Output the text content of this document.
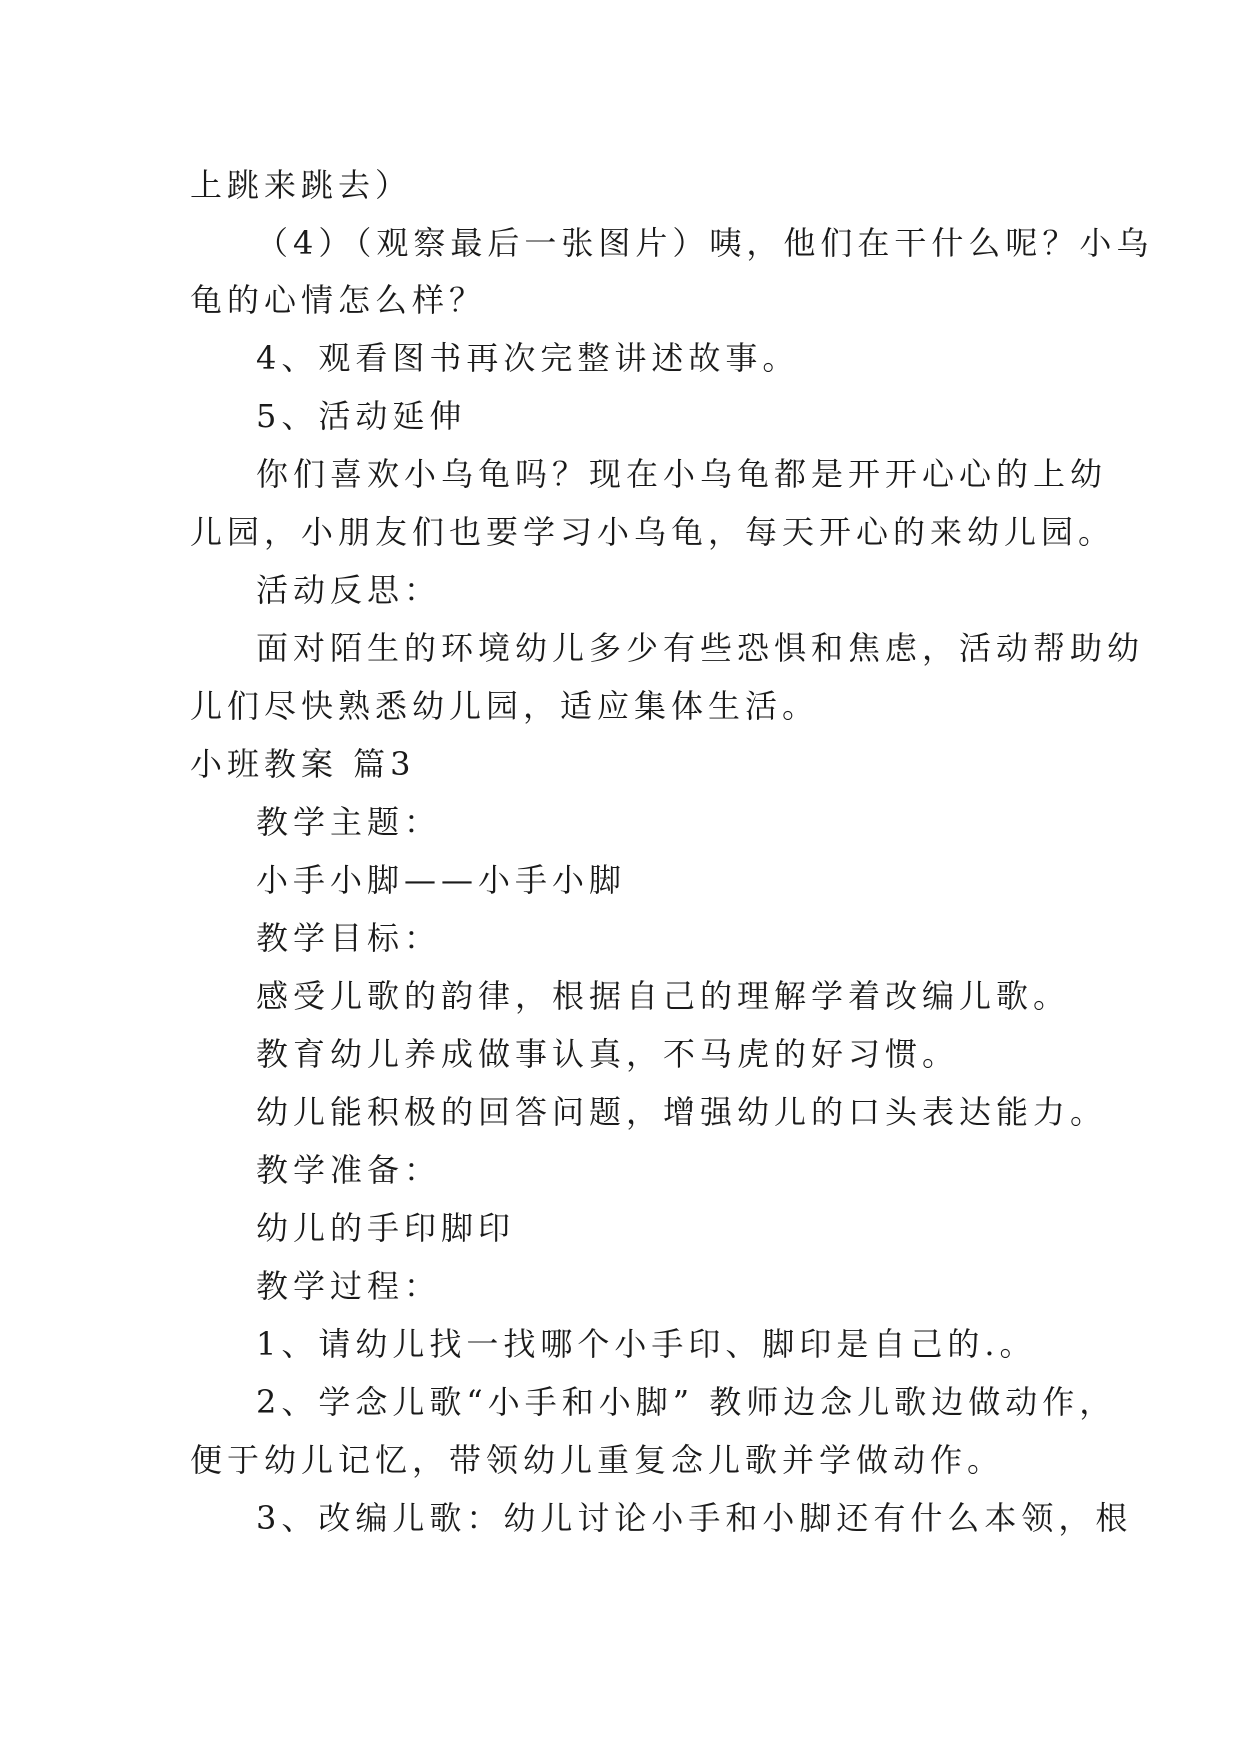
上跳来跳去）
（4）（观察最后一张图片）咦，他们在干什么呢？小乌
龟的心情怎么样？
4、观看图书再次完整讲述故事。
5、活动延伸
你们喜欢小乌龟吗？现在小乌龟都是开开心心的上幼
儿园，小朋友们也要学习小乌龟，每天开心的来幼儿园。
活动反思：
面对陌生的环境幼儿多少有些恐惧和焦虑，活动帮助幼
儿们尽快熟悉幼儿园，适应集体生活。
小班教案 篇3
教学主题：
小手小脚——小手小脚
教学目标：
感受儿歌的韵律，根据自己的理解学着改编儿歌。
教育幼儿养成做事认真，不马虎的好习惯。
幼儿能积极的回答问题，增强幼儿的口头表达能力。
教学准备：
幼儿的手印脚印
教学过程：
1、请幼儿找一找哪个小手印、脚印是自己的.。
2、学念儿歌“小手和小脚” 教师边念儿歌边做动作，
便于幼儿记忆，带领幼儿重复念儿歌并学做动作。
3、改编儿歌：幼儿讨论小手和小脚还有什么本领，根
